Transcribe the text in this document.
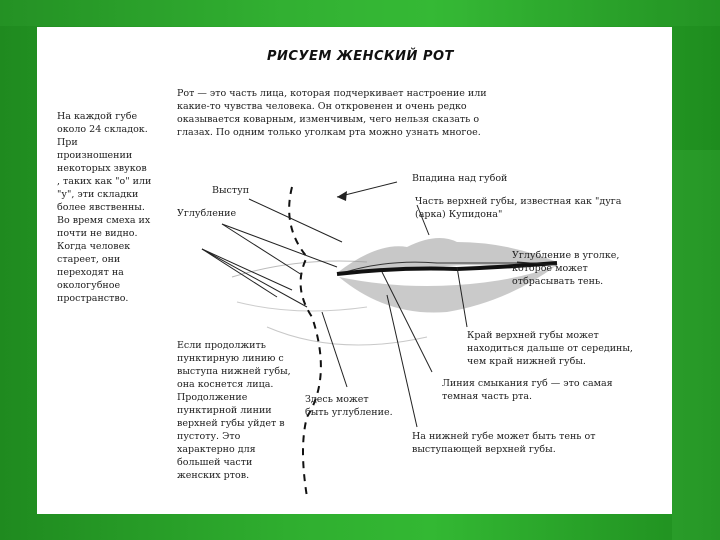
РИСУЕМ ЖЕНСКИЙ РОТ
Рот — это часть лица, которая подчеркивает настроение или какие-то чувства человека. Он откровенен и очень редко оказывается коварным, изменчивым, чего нельзя сказать о глазах. По одним только уголкам рта можно узнать многое.
На каждой губе около 24 складок. При произношении некоторых звуков , таких как "о" или "у", эти складки более явственны. Во время смеха их почти не видно. Когда человек стареет, они переходят на окологубное пространство.
Выступ
Углубление
Впадина над губой
Часть верхней губы, известная как "дуга (арка) Купидона"
Углубление в уголке, которое может отбрасывать тень.
Край верхней губы может находиться дальше от середины, чем край нижней губы.
Линия смыкания губ — это самая темная часть рта.
Здесь может быть углубление.
На нижней губе может быть тень от выступающей верхней губы.
Если продолжить пунктирную линию с выступа нижней губы, она коснется лица. Продолжение пунктирной линии верхней губы уйдет в пустоту. Это характерно для большей части женских ртов.
